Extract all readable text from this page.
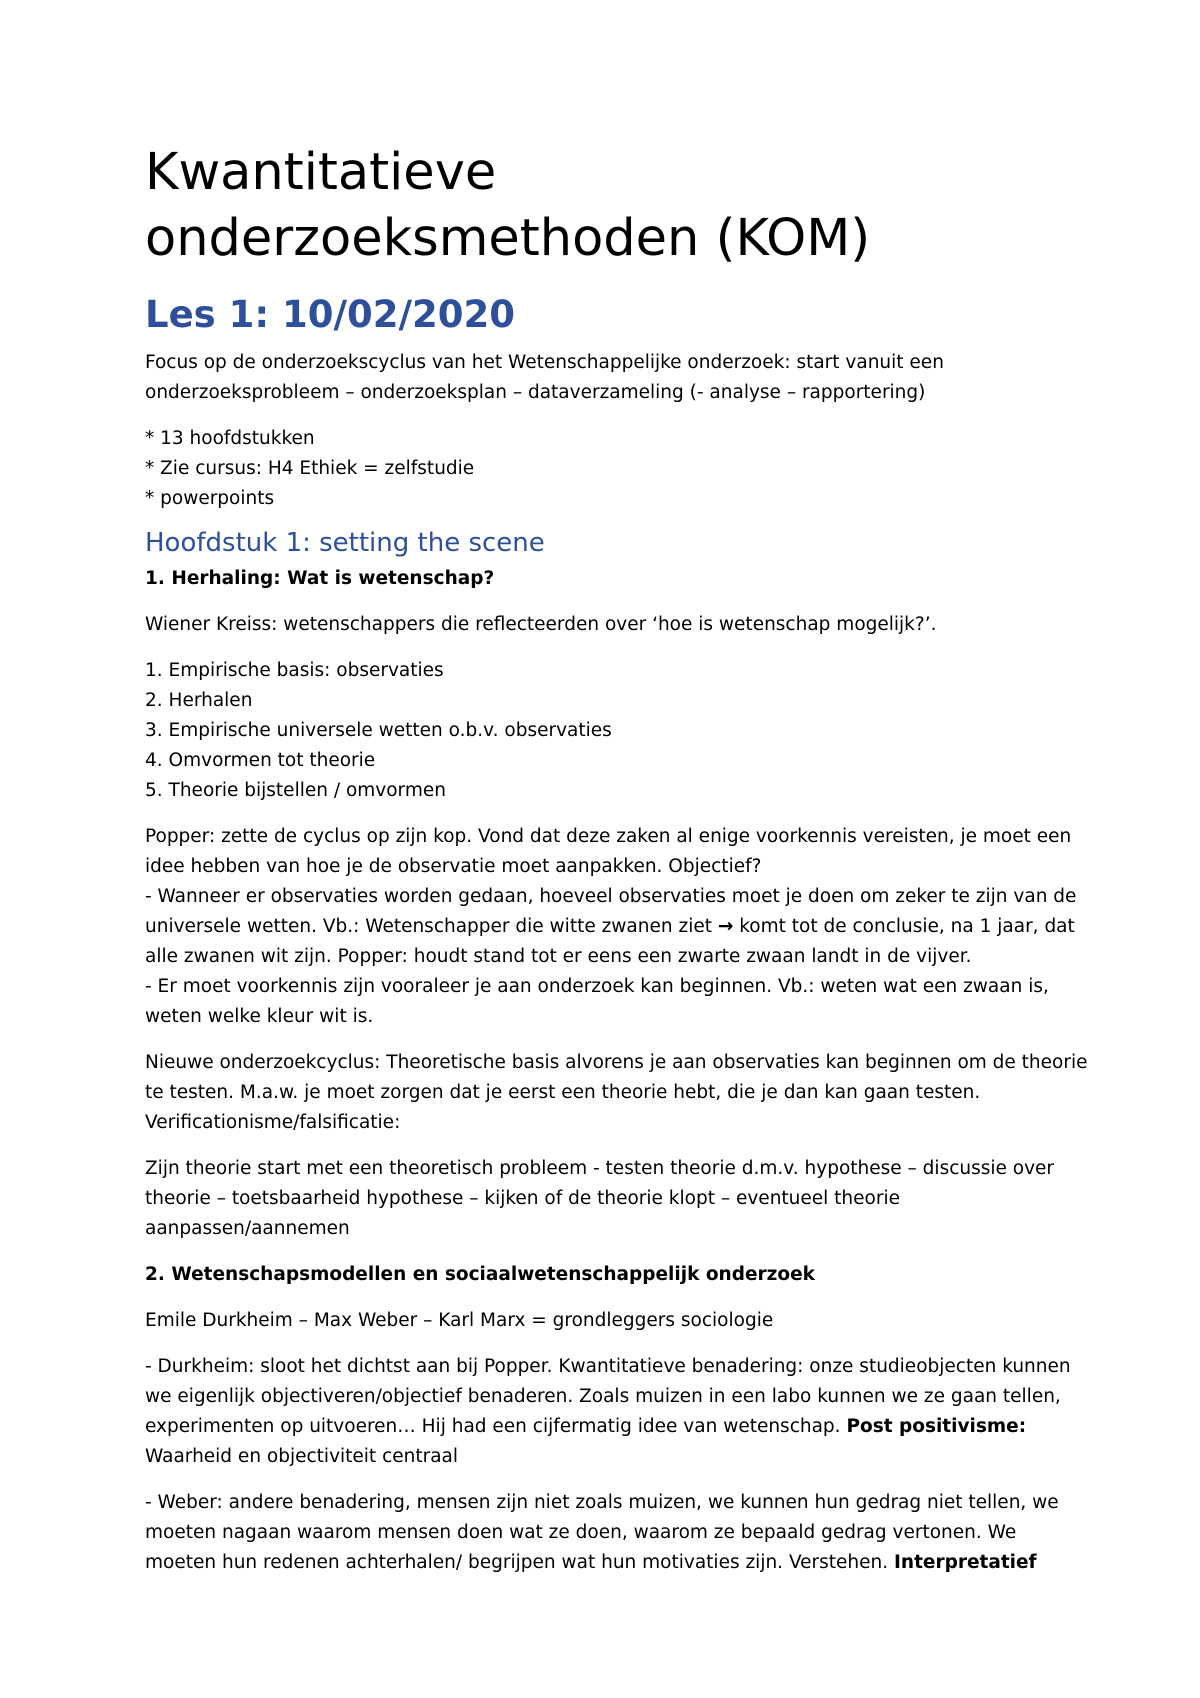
Kwantitatieve
onderzoeksmethoden (KOM)
Les 1: 10/02/2020

Focus op de onderzoekscyclus van het Wetenschappelijke onderzoek: start vanuit een
onderzoeksprobleem – onderzoeksplan – dataverzameling (- analyse – rapportering)

* 13 hoofdstukken
* Zie cursus: H4 Ethiek = zelfstudie
* powerpoints

Hoofdstuk 1: setting the scene

1. Herhaling: Wat is wetenschap?

Wiener Kreiss: wetenschappers die reflecteerden over ‘hoe is wetenschap mogelijk?’.

1. Empirische basis: observaties
2. Herhalen
3. Empirische universele wetten o.b.v. observaties
4. Omvormen tot theorie
5. Theorie bijstellen / omvormen

Popper: zette de cyclus op zijn kop. Vond dat deze zaken al enige voorkennis vereisten, je moet een
idee hebben van hoe je de observatie moet aanpakken. Objectief?
- Wanneer er observaties worden gedaan, hoeveel observaties moet je doen om zeker te zijn van de
universele wetten. Vb.: Wetenschapper die witte zwanen ziet → komt tot de conclusie, na 1 jaar, dat
alle zwanen wit zijn. Popper: houdt stand tot er eens een zwarte zwaan landt in de vijver.
- Er moet voorkennis zijn vooraleer je aan onderzoek kan beginnen. Vb.: weten wat een zwaan is,
weten welke kleur wit is.

Nieuwe onderzoekcyclus: Theoretische basis alvorens je aan observaties kan beginnen om de theorie
te testen. M.a.w. je moet zorgen dat je eerst een theorie hebt, die je dan kan gaan testen.
Verificationisme/falsificatie:

Zijn theorie start met een theoretisch probleem - testen theorie d.m.v. hypothese – discussie over
theorie – toetsbaarheid hypothese – kijken of de theorie klopt – eventueel theorie
aanpassen/aannemen

2. Wetenschapsmodellen en sociaalwetenschappelijk onderzoek

Emile Durkheim – Max Weber – Karl Marx = grondleggers sociologie

- Durkheim: sloot het dichtst aan bij Popper. Kwantitatieve benadering: onze studieobjecten kunnen
we eigenlijk objectiveren/objectief benaderen. Zoals muizen in een labo kunnen we ze gaan tellen,
experimenten op uitvoeren… Hij had een cijfermatig idee van wetenschap. Post positivisme:
Waarheid en objectiviteit centraal

- Weber: andere benadering, mensen zijn niet zoals muizen, we kunnen hun gedrag niet tellen, we
moeten nagaan waarom mensen doen wat ze doen, waarom ze bepaald gedrag vertonen. We
moeten hun redenen achterhalen/ begrijpen wat hun motivaties zijn. Verstehen. Interpretatief
